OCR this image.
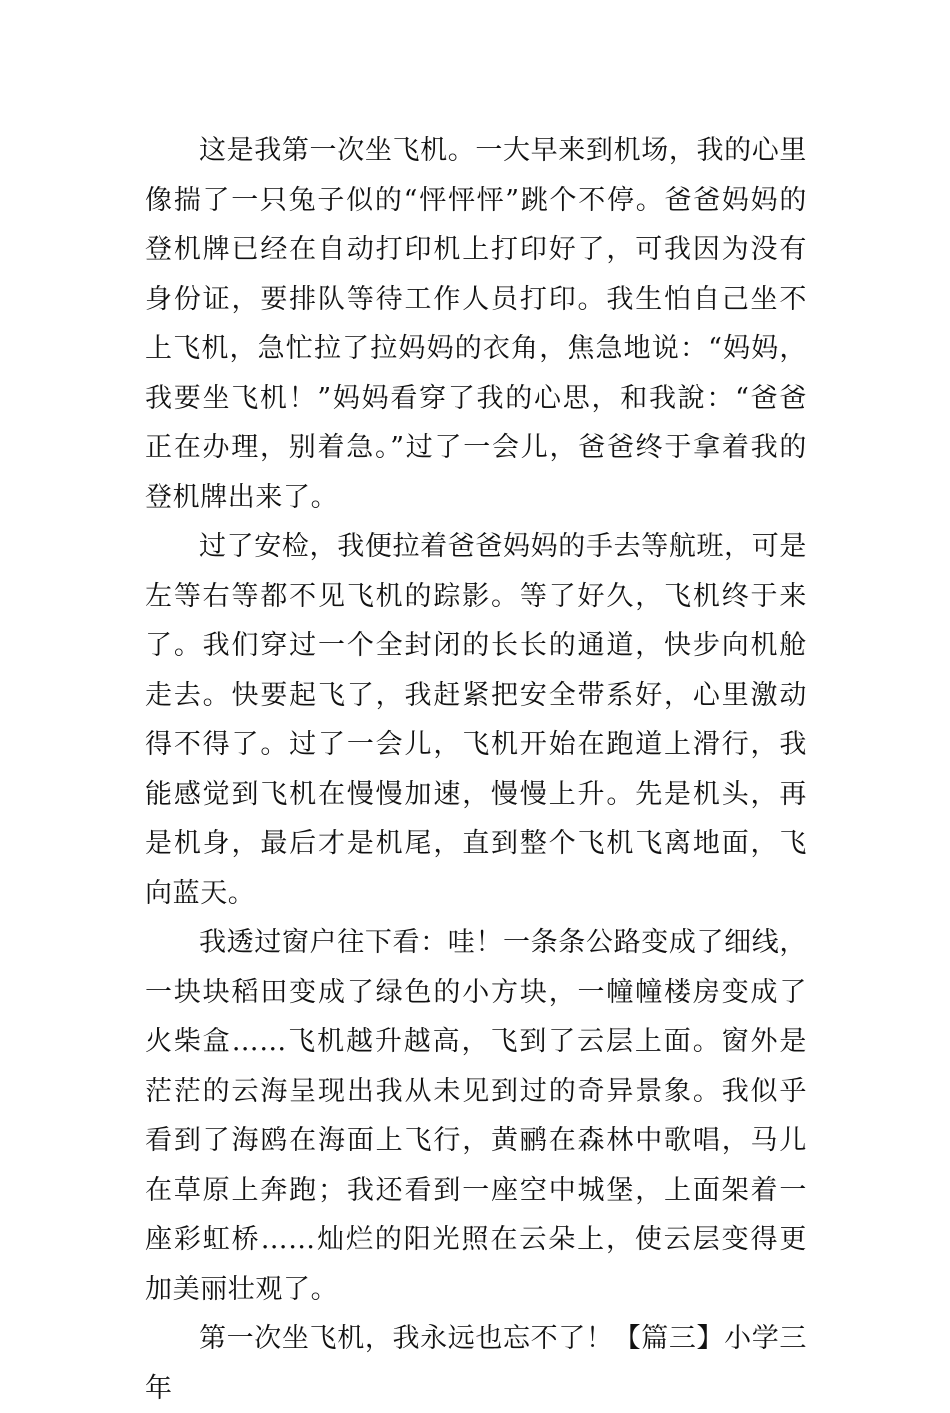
这是我第一次坐飞机。一大早来到机场，我的心里像揣了一只兔子似的“怦怦怦”跳个不停。爸爸妈妈的登机牌已经在自动打印机上打印好了，可我因为没有身份证，要排队等待工作人员打印。我生怕自己坐不上飞机，急忙拉了拉妈妈的衣角，焦急地说：“妈妈，我要坐飞机！”妈妈看穿了我的心思，和我說：“爸爸正在办理，别着急。”过了一会儿，爸爸终于拿着我的登机牌出来了。

过了安检，我便拉着爸爸妈妈的手去等航班，可是左等右等都不见飞机的踪影。等了好久，飞机终于来了。我们穿过一个全封闭的长长的通道，快步向机舱走去。快要起飞了，我赶紧把安全带系好，心里激动得不得了。过了一会儿，飞机开始在跑道上滑行，我能感觉到飞机在慢慢加速，慢慢上升。先是机头，再是机身，最后才是机尾，直到整个飞机飞离地面，飞向蓝天。

我透过窗户往下看：哇！一条条公路变成了细线，一块块稻田变成了绿色的小方块，一幢幢楼房变成了火柴盒……飞机越升越高，飞到了云层上面。窗外是茫茫的云海呈现出我从未见到过的奇异景象。我似乎看到了海鸥在海面上飞行，黄鹂在森林中歌唱，马儿在草原上奔跑；我还看到一座空中城堡，上面架着一座彩虹桥……灿烂的阳光照在云朵上，使云层变得更加美丽壮观了。

第一次坐飞机，我永远也忘不了！【篇三】小学三年
